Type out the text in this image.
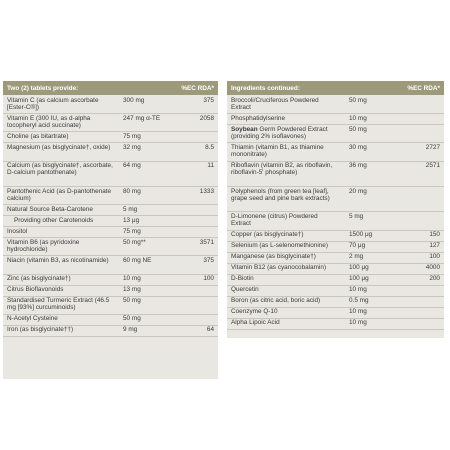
Two (2) tablets provide:	%EC RDA*
Vitamin C (as calcium ascorbate [Ester-C®])
300 mg	375
Vitamin E (300 IU, as d-alpha tocopheryl acid succinate)
247 mg α-TE	2058
Choline (as bitartrate)	75 mg
Magnesium (as bisglycinate†, oxide)	32 mg	8.5
Calcium (as bisglycinate†, ascorbate, D-calcium pantothenate)
64 mg	11
Pantothenic Acid (as D-pantothenate calcium)
80 mg	1333
Natural Source Beta-Carotene	5 mg
Providing other Carotenoids	13 μg
Inositol	75 mg
Vitamin B6 (as pyridoxine hydrochloride)
50 mg**	3571
Niacin (vitamin B3, as nicotinamide)	60 mg NE	375
Zinc (as bisglycinate†)	10 mg	100
Citrus Bioflavonoids	13 mg
Standardised Turmeric Extract (46.5 mg [93%] curcuminoids)
50 mg
N-Acetyl Cysteine	50 mg
Iron (as bisglycinate††)	9 mg	64
Ingredients continued:	%EC RDA*
Broccoli/Cruciferous Powdered Extract
50 mg
Phosphatidylserine	10 mg
Soybean Germ Powdered Extract (providing 2% isoflavones)
50 mg
Thiamin (vitamin B1, as thiamine mononitrate)
30 mg	2727
Riboflavin (vitamin B2, as riboflavin, riboflavin-5' phosphate)
36 mg	2571
Polyphenols (from green tea [leaf], grape seed and pine bark extracts)
20 mg
D-Limonene (citrus) Powdered Extract
5 mg
Copper (as bisglycinate†)	1500 μg	150
Selenium (as L-selenomethionine)	70 μg	127
Manganese (as bisglycinate†)	2 mg	100
Vitamin B12 (as cyanocobalamin)	100 μg	4000
D-Biotin	100 μg	200
Quercetin	10 mg
Boron (as citric acid, boric acid)	0.5 mg
Coenzyme Q-10	10 mg
Alpha Lipoic Acid	10 mg
